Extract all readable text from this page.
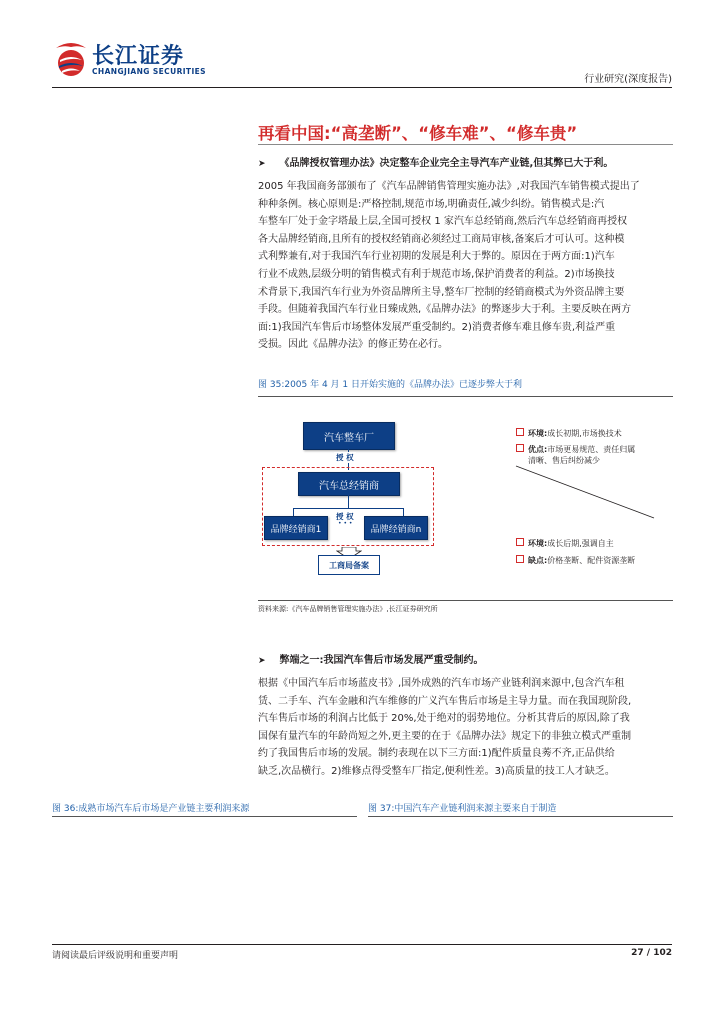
长江证券
CHANGJIANG SECURITIES
行业研究(深度报告)
再看中国:“高垄断”、“修车难”、“修车贵”
➤ 《品牌授权管理办法》决定整车企业完全主导汽车产业链,但其弊已大于利。
2005 年我国商务部颁布了《汽车品牌销售管理实施办法》,对我国汽车销售模式提出了
种种条例。核心原则是:严格控制,规范市场,明确责任,减少纠纷。销售模式是:汽
车整车厂处于金字塔最上层,全国可授权 1 家汽车总经销商,然后汽车总经销商再授权
各大品牌经销商,且所有的授权经销商必须经过工商局审核,备案后才可认可。这种模
式利弊兼有,对于我国汽车行业初期的发展是利大于弊的。原因在于两方面:1)汽车
行业不成熟,层级分明的销售模式有利于规范市场,保护消费者的利益。2)市场换技
术背景下,我国汽车行业为外资品牌所主导,整车厂控制的经销商模式为外资品牌主要
手段。但随着我国汽车行业日臻成熟,《品牌办法》的弊逐步大于利。主要反映在两方
面:1)我国汽车售后市场整体发展严重受制约。2)消费者修车难且修车贵,利益严重
受损。因此《品牌办法》的修正势在必行。
图 35:2005 年 4 月 1 日开始实施的《品牌办法》已逐步弊大于利
汽车整车厂
授 权
汽车总经销商
授 权
• • •
品牌经销商1	品牌经销商n
工商局备案
环境:成长初期,市场换技术
优点:市场更易规范、责任归属
清晰、售后纠纷减少
环境:成长后期,强调自主
缺点:价格垄断、配件资源垄断
资料来源:《汽车品牌销售管理实施办法》,长江证券研究所
➤ 弊端之一:我国汽车售后市场发展严重受制约。
根据《中国汽车后市场蓝皮书》,国外成熟的汽车市场产业链利润来源中,包含汽车租
赁、二手车、汽车金融和汽车维修的广义汽车售后市场是主导力量。而在我国现阶段,
汽车售后市场的利润占比低于 20%,处于绝对的弱势地位。分析其背后的原因,除了我
国保有量汽车的年龄尚短之外,更主要的在于《品牌办法》规定下的非独立模式严重制
约了我国售后市场的发展。制约表现在以下三方面:1)配件质量良莠不齐,正品供给
缺乏,次品横行。2)维修点得受整车厂指定,便利性差。3)高质量的技工人才缺乏。
图 36:成熟市场汽车后市场是产业链主要利润来源	图 37:中国汽车产业链利润来源主要来自于制造
请阅读最后评级说明和重要声明	27 / 102
